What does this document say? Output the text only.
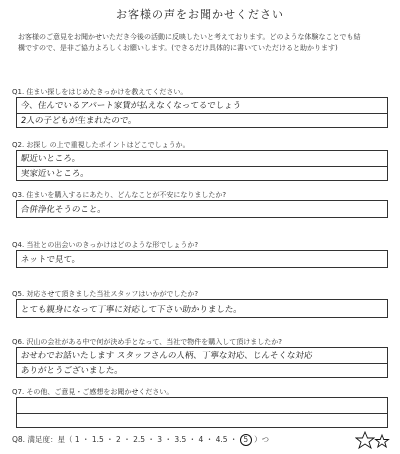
お客様の声をお聞かせください
お客様のご意見をお聞かせいただき今後の活動に反映したいと考えております。どのような体験なことでも結
構ですので、是非ご協力よろしくお願いします。(できるだけ具体的に書いていただけると助かります)
Q1. 住まい探しをはじめたきっかけを教えてください。
今、住んでいるアパート家賃が払えなくなってるでしょう
2人の子どもが生まれたので。
Q2. お探し の上で重視したポイントはどこでしょうか。
駅近いところ。
実家近いところ。
Q3. 住まいを購入するにあたり、どんなことが不安になりましたか?
合併浄化そうのこと。
Q4. 当社との出会いのきっかけはどのような形でしょうか?
ネットで見て。
Q5. 対応させて頂きました当社スタッフはいかがでしたか?
とても親身になって丁寧に対応して下さい助かりました。
Q6. 沢山の会社がある中で何が決め手となって、当社で物件を購入して頂けましたか?
おせわでお話いたします スタッフさんの人柄、丁寧な対応、じんそくな対応
ありがとうございました。
Q7. その他、ご意見・ご感想をお聞かせください。
Q8. 満足度：星（ 1 ・ 1.5 ・ 2 ・ 2.5 ・ 3 ・ 3.5 ・ 4 ・ 4.5 ・ 5 ）つ
